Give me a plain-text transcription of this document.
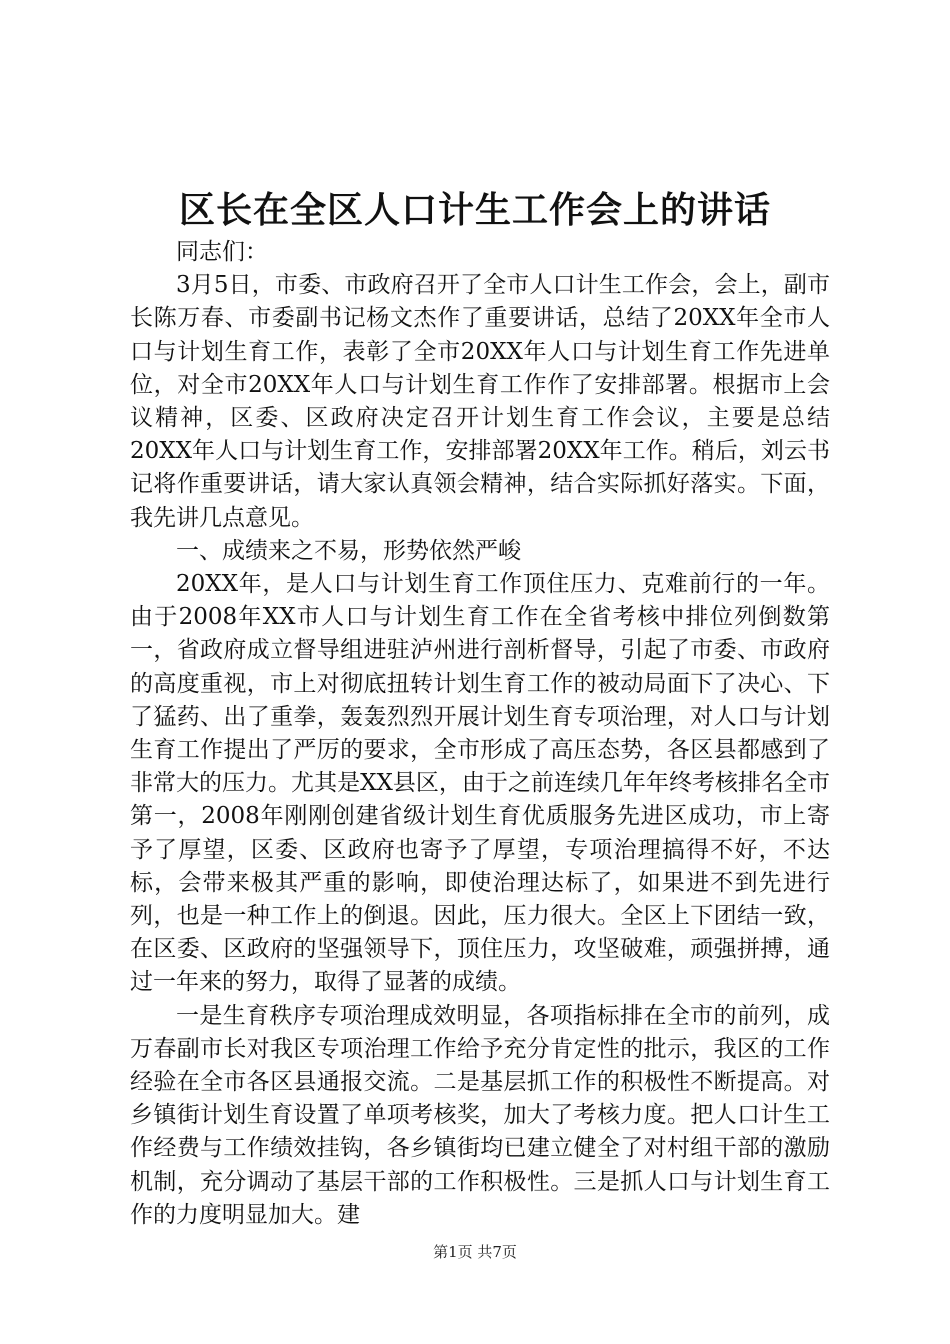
区长在全区人口计生工作会上的讲话

同志们：

3月5日，市委、市政府召开了全市人口计生工作会，会上，副市长陈万春、市委副书记杨文杰作了重要讲话，总结了20XX年全市人口与计划生育工作，表彰了全市20XX年人口与计划生育工作先进单位，对全市20XX年人口与计划生育工作作了安排部署。根据市上会议精神，区委、区政府决定召开计划生育工作会议，主要是总结20XX年人口与计划生育工作，安排部署20XX年工作。稍后，刘云书记将作重要讲话，请大家认真领会精神，结合实际抓好落实。下面，我先讲几点意见。

一、成绩来之不易，形势依然严峻

20XX年，是人口与计划生育工作顶住压力、克难前行的一年。由于2008年XX市人口与计划生育工作在全省考核中排位列倒数第一，省政府成立督导组进驻泸州进行剖析督导，引起了市委、市政府的高度重视，市上对彻底扭转计划生育工作的被动局面下了决心、下了猛药、出了重拳，轰轰烈烈开展计划生育专项治理，对人口与计划生育工作提出了严厉的要求，全市形成了高压态势，各区县都感到了非常大的压力。尤其是XX县区，由于之前连续几年年终考核排名全市第一，2008年刚刚创建省级计划生育优质服务先进区成功，市上寄予了厚望，区委、区政府也寄予了厚望，专项治理搞得不好，不达标，会带来极其严重的影响，即使治理达标了，如果进不到先进行列，也是一种工作上的倒退。因此，压力很大。全区上下团结一致，在区委、区政府的坚强领导下，顶住压力，攻坚破难，顽强拼搏，通过一年来的努力，取得了显著的成绩。

一是生育秩序专项治理成效明显，各项指标排在全市的前列，成万春副市长对我区专项治理工作给予充分肯定性的批示，我区的工作经验在全市各区县通报交流。二是基层抓工作的积极性不断提高。对乡镇街计划生育设置了单项考核奖，加大了考核力度。把人口计生工作经费与工作绩效挂钩，各乡镇街均已建立健全了对村组干部的激励机制，充分调动了基层干部的工作积极性。三是抓人口与计划生育工作的力度明显加大。建

第1页 共7页
